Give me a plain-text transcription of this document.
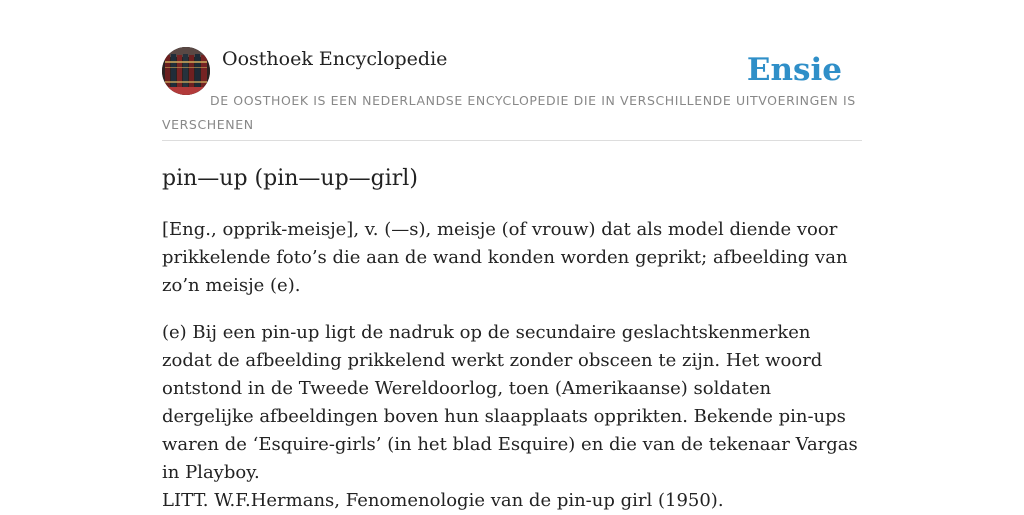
Oosthoek Encyclopedie	Ensie
DE OOSTHOEK IS EEN NEDERLANDSE ENCYCLOPEDIE DIE IN VERSCHILLENDE UITVOERINGEN IS VERSCHENEN
pin—up (pin—up—girl)

[Eng., opprik-meisje], v. (—s), meisje (of vrouw) dat als model diende voor prikkelende foto’s die aan de wand konden worden geprikt; afbeelding van zo’n meisje (e).

(e) Bij een pin-up ligt de nadruk op de secundaire geslachtskenmerken zodat de afbeelding prikkelend werkt zonder obsceen te zijn. Het woord ontstond in de Tweede Wereldoorlog, toen (Amerikaanse) soldaten dergelijke afbeeldingen boven hun slaapplaats opprikten. Bekende pin-ups waren de ‘Esquire-girls’ (in het blad Esquire) en die van de tekenaar Vargas in Playboy.

LITT. W.F.Hermans, Fenomenologie van de pin-up girl (1950).
